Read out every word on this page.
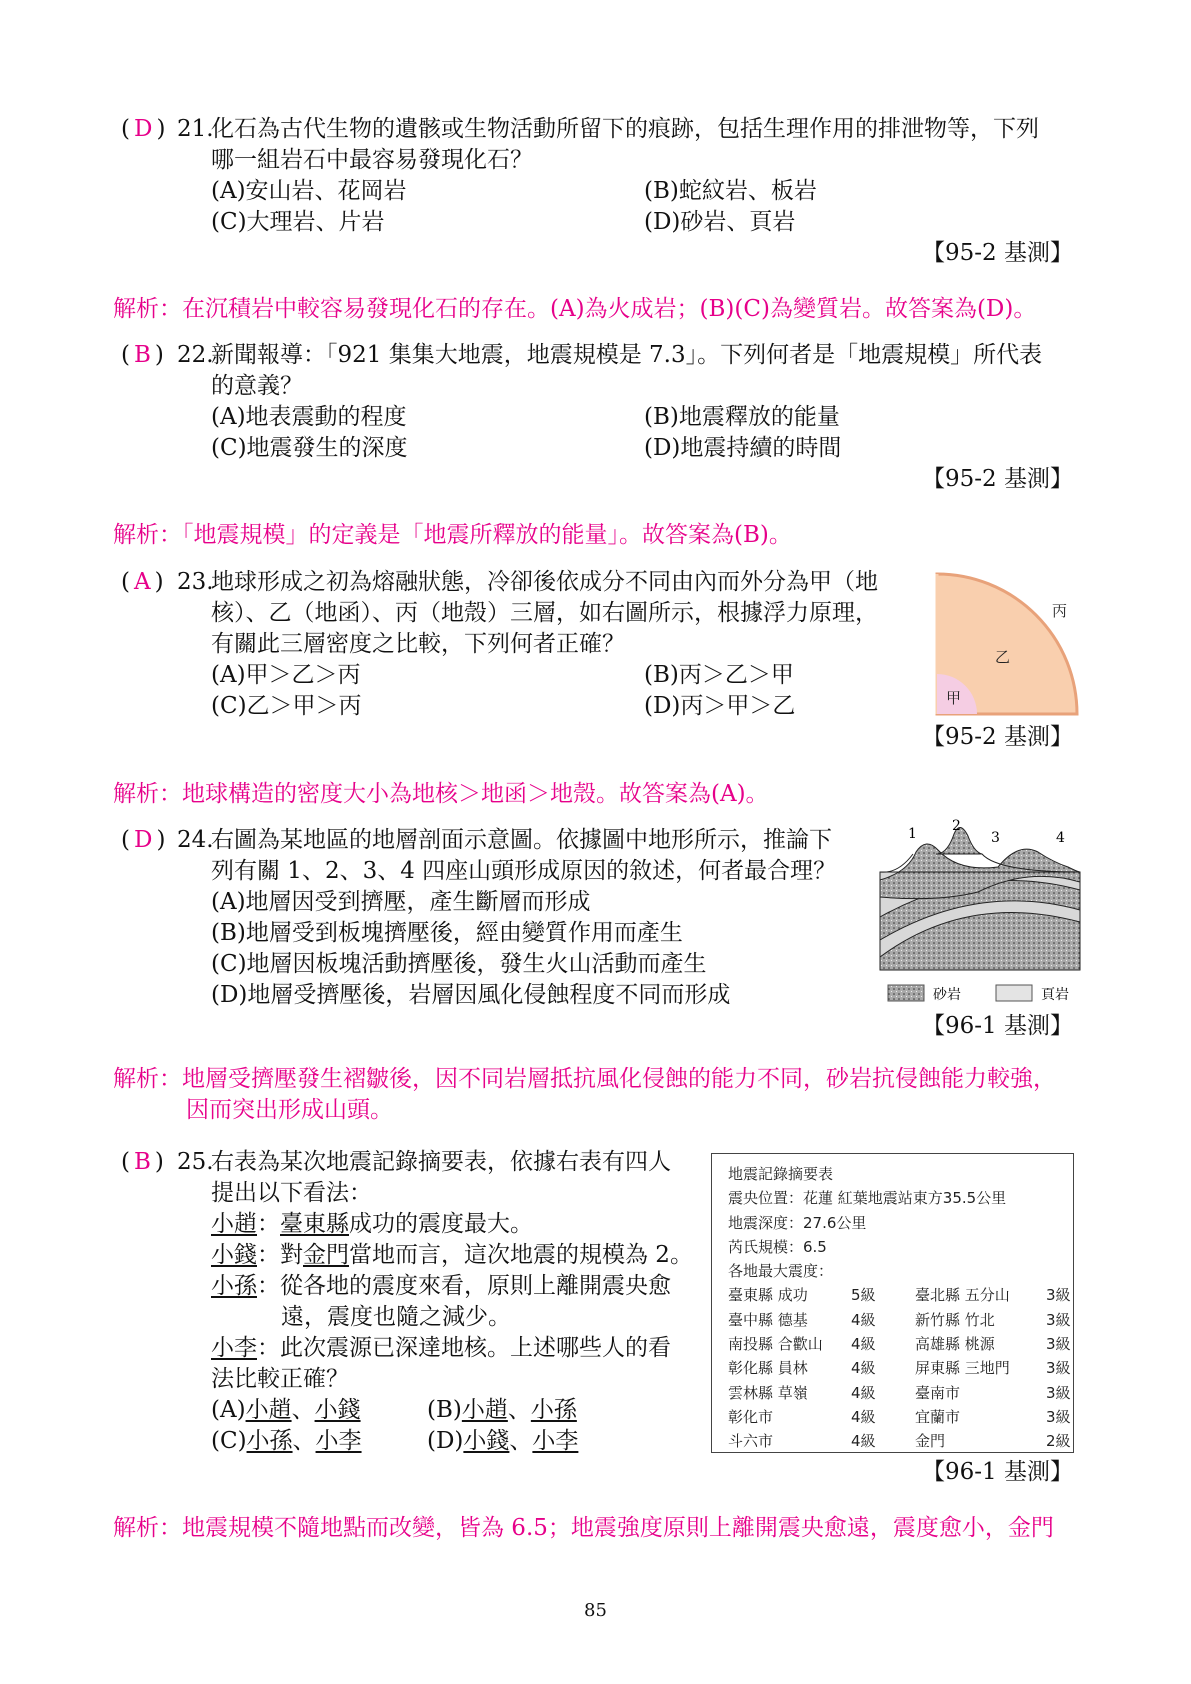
( D ) 21.
化石為古代生物的遺骸或生物活動所留下的痕跡，包括生理作用的排泄物等，下列
哪一組岩石中最容易發現化石？
(A)安山岩、花岡岩	(B)蛇紋岩、板岩
(C)大理岩、片岩	(D)砂岩、頁岩
【95-2 基測】
解析：在沉積岩中較容易發現化石的存在。(A)為火成岩；(B)(C)為變質岩。故答案為(D)。
( B ) 22.
新聞報導：「921 集集大地震，地震規模是 7.3」。下列何者是「地震規模」所代表
的意義？
(A)地表震動的程度	(B)地震釋放的能量
(C)地震發生的深度	(D)地震持續的時間
【95-2 基測】
解析：「地震規模」的定義是「地震所釋放的能量」。故答案為(B)。
( A ) 23.
地球形成之初為熔融狀態，冷卻後依成分不同由內而外分為甲（地
核）、乙（地函）、丙（地殼）三層，如右圖所示，根據浮力原理，
有關此三層密度之比較，下列何者正確？
(A)甲＞乙＞丙	(B)丙＞乙＞甲
(C)乙＞甲＞丙	(D)丙＞甲＞乙
【95-2 基測】
丙
乙
甲
解析：地球構造的密度大小為地核＞地函＞地殼。故答案為(A)。
( D ) 24.
右圖為某地區的地層剖面示意圖。依據圖中地形所示，推論下
列有關 1、2、3、4 四座山頭形成原因的敘述，何者最合理？
(A)地層因受到擠壓，產生斷層而形成
(B)地層受到板塊擠壓後，經由變質作用而產生
(C)地層因板塊活動擠壓後，發生火山活動而產生
(D)地層受擠壓後，岩層因風化侵蝕程度不同而形成
【96-1 基測】
1	2
3	4
砂岩	頁岩
解析：地層受擠壓發生褶皺後，因不同岩層抵抗風化侵蝕的能力不同，砂岩抗侵蝕能力較強，
因而突出形成山頭。
( B ) 25.
右表為某次地震記錄摘要表，依據右表有四人
提出以下看法：
小趙：臺東縣成功的震度最大。
小錢：對金門當地而言，這次地震的規模為 2。
小孫：從各地的震度來看，原則上離開震央愈
遠，震度也隨之減少。
小李：此次震源已深達地核。上述哪些人的看
法比較正確？
(A)小趙、小錢	(B)小趙、小孫
(C)小孫、小李	(D)小錢、小李
【96-1 基測】
地震記錄摘要表
震央位置：花蓮 紅葉地震站東方35.5公里
地震深度：27.6公里
芮氏規模：6.5
各地最大震度：
臺東縣 成功	5級	臺北縣 五分山 3級
臺中縣 德基	4級	新竹縣 竹北	3級
南投縣 合歡山 4級	高雄縣 桃源	3級
彰化縣 員林	4級	屏東縣 三地門 3級
雲林縣 草嶺	4級	臺南市	3級
彰化市	4級	宜蘭市	3級
斗六市	4級	金門	2級
解析：地震規模不隨地點而改變，皆為 6.5；地震強度原則上離開震央愈遠，震度愈小，金門
85
